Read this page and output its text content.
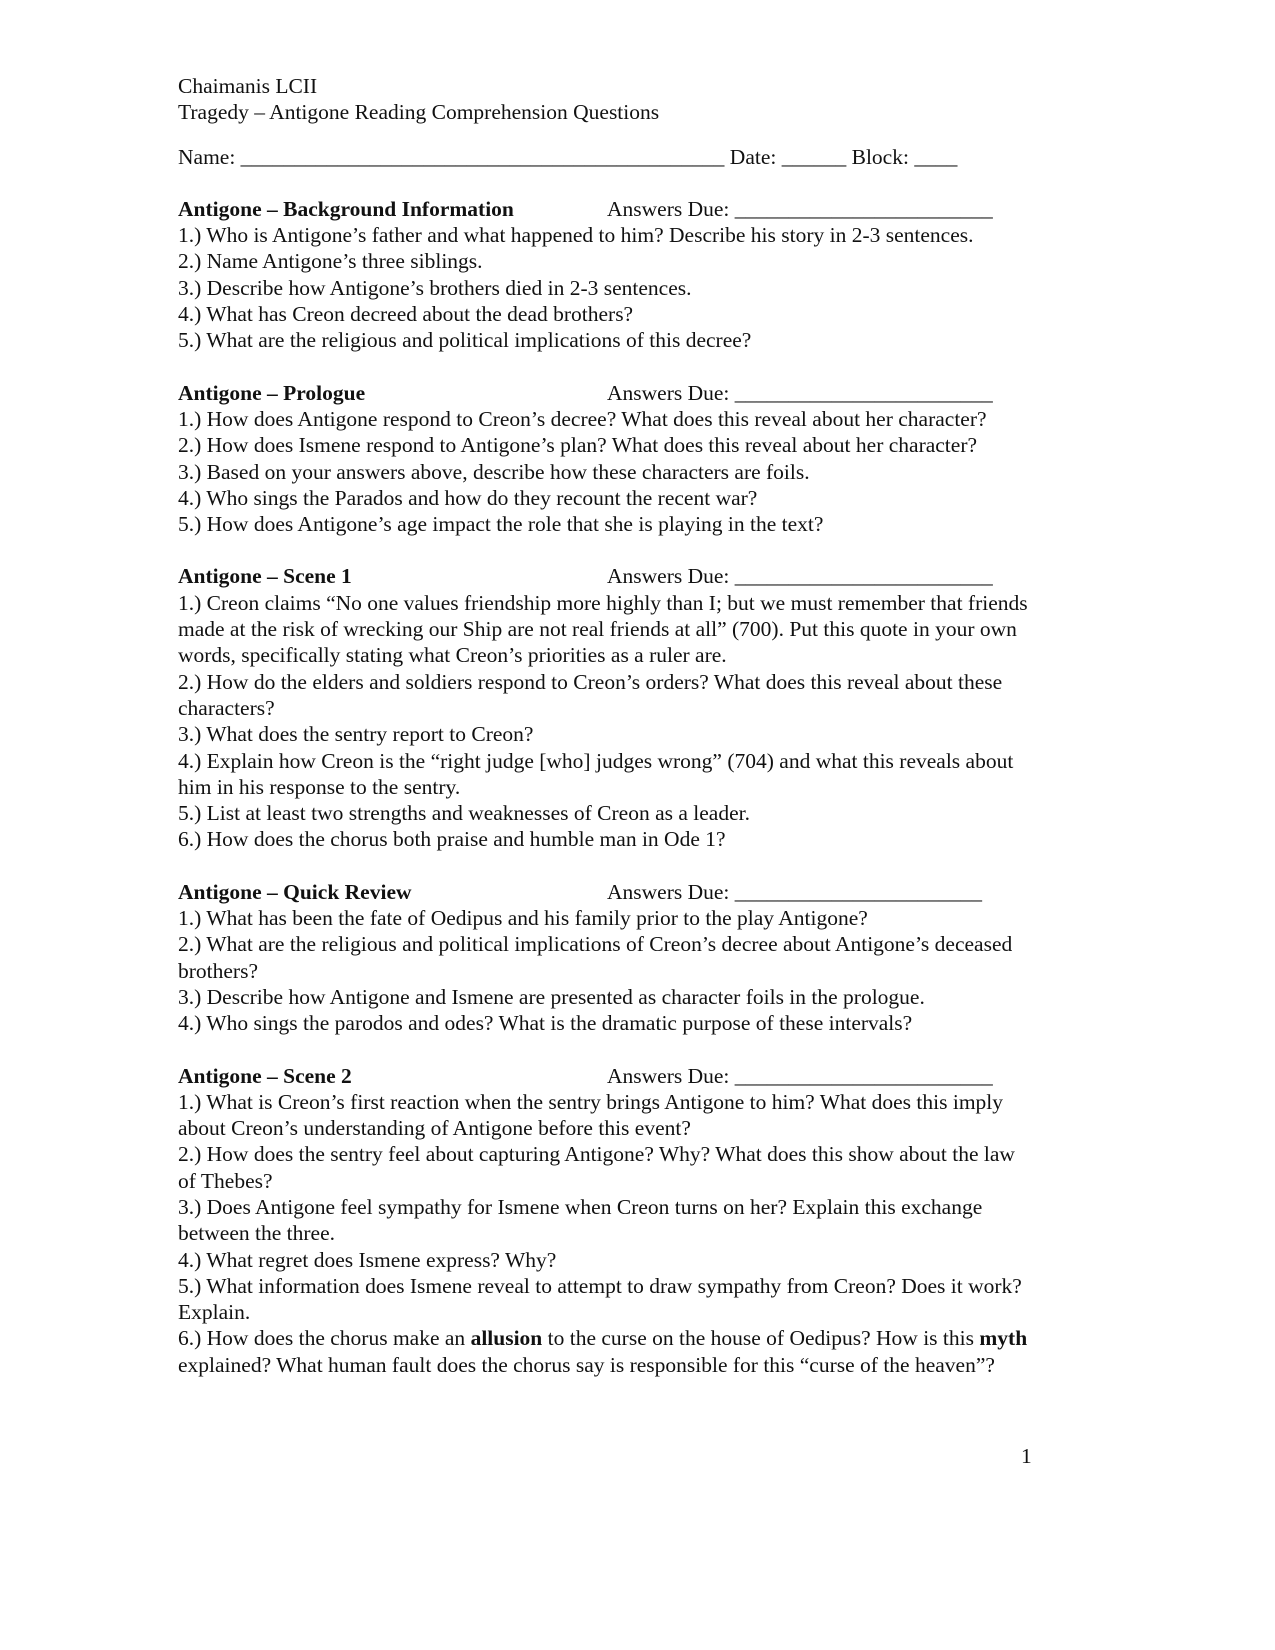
Chaimanis LCII
Tragedy – Antigone Reading Comprehension Questions
Name: _____________________________________________ Date: ______ Block: ____
Antigone – Background Information	Answers Due: ________________________

1.) Who is Antigone’s father and what happened to him? Describe his story in 2-3 sentences.

2.) Name Antigone’s three siblings.

3.) Describe how Antigone’s brothers died in 2-3 sentences.

4.) What has Creon decreed about the dead brothers?

5.) What are the religious and political implications of this decree?

Antigone – Prologue	Answers Due: ________________________

1.) How does Antigone respond to Creon’s decree? What does this reveal about her character?

2.) How does Ismene respond to Antigone’s plan? What does this reveal about her character?

3.) Based on your answers above, describe how these characters are foils.

4.) Who sings the Parados and how do they recount the recent war?

5.) How does Antigone’s age impact the role that she is playing in the text?

Antigone – Scene 1	Answers Due: ________________________

1.) Creon claims “No one values friendship more highly than I; but we must remember that friends made at the risk of wrecking our Ship are not real friends at all” (700). Put this quote in your own words, specifically stating what Creon’s priorities as a ruler are.

2.) How do the elders and soldiers respond to Creon’s orders? What does this reveal about these characters?

3.) What does the sentry report to Creon?

4.) Explain how Creon is the “right judge [who] judges wrong” (704) and what this reveals about him in his response to the sentry.

5.) List at least two strengths and weaknesses of Creon as a leader.

6.) How does the chorus both praise and humble man in Ode 1?

Antigone – Quick Review	Answers Due: _______________________

1.) What has been the fate of Oedipus and his family prior to the play Antigone?

2.) What are the religious and political implications of Creon’s decree about Antigone’s deceased brothers?

3.) Describe how Antigone and Ismene are presented as character foils in the prologue.

4.) Who sings the parodos and odes? What is the dramatic purpose of these intervals?

Antigone – Scene 2	Answers Due: ________________________

1.) What is Creon’s first reaction when the sentry brings Antigone to him? What does this imply about Creon’s understanding of Antigone before this event?

2.) How does the sentry feel about capturing Antigone? Why? What does this show about the law of Thebes?

3.) Does Antigone feel sympathy for Ismene when Creon turns on her? Explain this exchange between the three.

4.) What regret does Ismene express? Why?

5.) What information does Ismene reveal to attempt to draw sympathy from Creon? Does it work? Explain.

6.) How does the chorus make an allusion to the curse on the house of Oedipus? How is this myth explained? What human fault does the chorus say is responsible for this “curse of the heaven”?

1
